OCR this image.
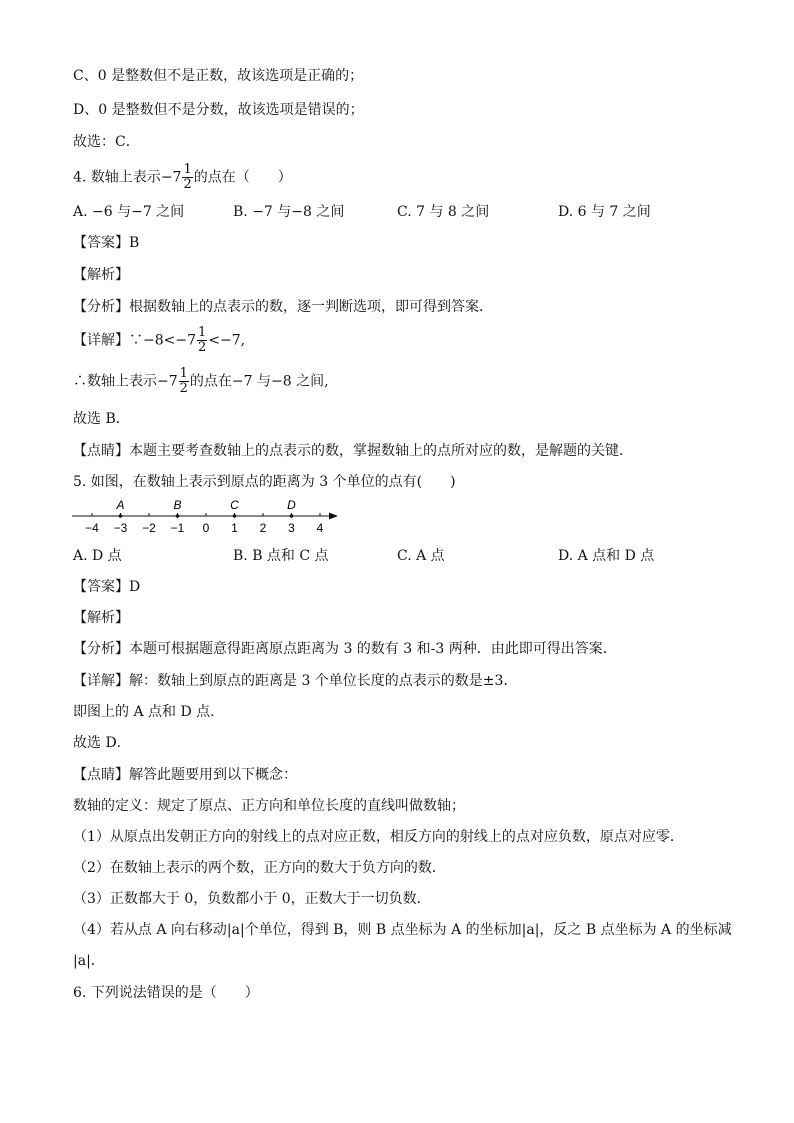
C、0 是整数但不是正数，故该选项是正确的；
D、0 是整数但不是分数，故该选项是错误的；
故选：C．
4. 数轴上表示$-7 \frac{1}{2}$ 的点在（　　）
A. −6 与−7 之间	B. −7 与−8 之间	C. 7 与 8 之间	D. 6 与 7 之间
【答案】B
【解析】
【分析】根据数轴上的点表示的数，逐一判断选项，即可得到答案．
【详解】∵−8<−7 $\frac{1}{2} <-7$,
∴数轴上表示$-7 \frac{1}{2}$ 的点在−7 与−8 之间,
故选 B．
【点睛】本题主要考查数轴上的点表示的数，掌握数轴上的点所对应的数，是解题的关键．
5. 如图，在数轴上表示到原点的距离为 3 个单位的点有(　　)
−4 −3 −2 −1 0 1 2 3 4
A	B	C	D
A. D 点	B. B 点和 C 点	C. A 点	D. A 点和 D 点
【答案】D
【解析】
【分析】本题可根据题意得距离原点距离为 3 的数有 3 和-3 两种．由此即可得出答案．
【详解】解：数轴上到原点的距离是 3 个单位长度的点表示的数是±3．
即图上的 A 点和 D 点.
故选 D．
【点睛】解答此题要用到以下概念：
数轴的定义：规定了原点、正方向和单位长度的直线叫做数轴；
（1）从原点出发朝正方向的射线上的点对应正数，相反方向的射线上的点对应负数，原点对应零．
（2）在数轴上表示的两个数，正方向的数大于负方向的数．
（3）正数都大于 0，负数都小于 0，正数大于一切负数．
（4）若从点 A 向右移动|a|个单位，得到 B，则 B 点坐标为 A 的坐标加|a|，反之 B 点坐标为 A 的坐标减
|a|．
6. 下列说法错误的是（　　）
